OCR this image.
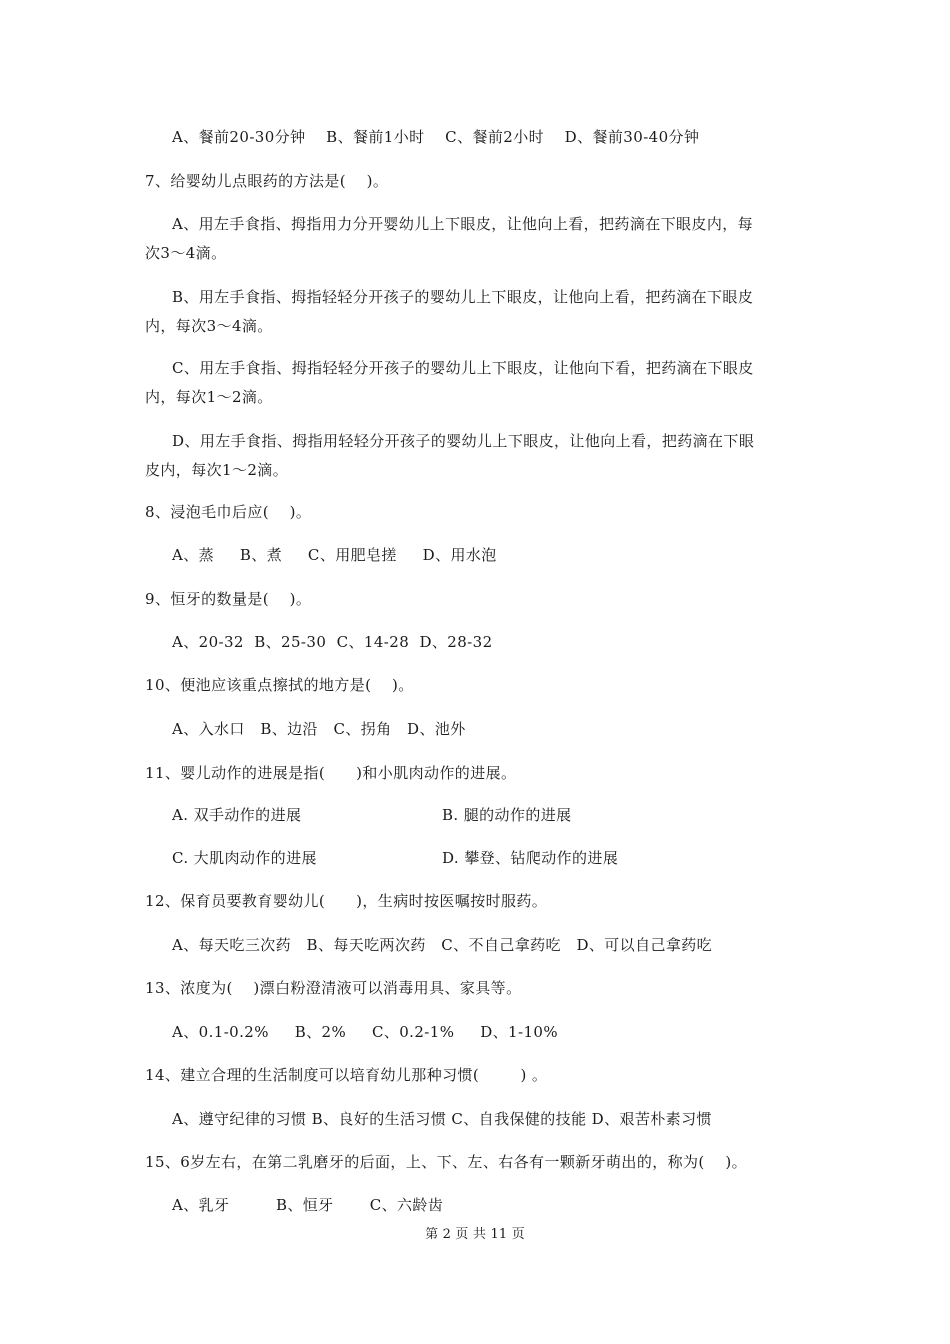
A、餐前20-30分钟    B、餐前1小时    C、餐前2小时    D、餐前30-40分钟
7、给婴幼儿点眼药的方法是(    )。
A、用左手食指、拇指用力分开婴幼儿上下眼皮，让他向上看，把药滴在下眼皮内，每
次3～4滴。
B、用左手食指、拇指轻轻分开孩子的婴幼儿上下眼皮，让他向上看，把药滴在下眼皮
内，每次3～4滴。
C、用左手食指、拇指轻轻分开孩子的婴幼儿上下眼皮，让他向下看，把药滴在下眼皮
内，每次1～2滴。
D、用左手食指、拇指用轻轻分开孩子的婴幼儿上下眼皮，让他向上看，把药滴在下眼
皮内，每次1～2滴。
8、浸泡毛巾后应(    )。
A、蒸     B、煮     C、用肥皂搓     D、用水泡
9、恒牙的数量是(    )。
A、20-32  B、25-30  C、14-28  D、28-32
10、便池应该重点擦拭的地方是(    )。
A、入水口   B、边沿   C、拐角   D、池外
11、婴儿动作的进展是指(      )和小肌肉动作的进展。
A. 双手动作的进展	B. 腿的动作的进展
C. 大肌肉动作的进展	D. 攀登、钻爬动作的进展
12、保育员要教育婴幼儿(      )，生病时按医嘱按时服药。
A、每天吃三次药   B、每天吃两次药   C、不自己拿药吃   D、可以自己拿药吃
13、浓度为(    )漂白粉澄清液可以消毒用具、家具等。
A、0.1-0.2%     B、2%     C、0.2-1%     D、1-10%
14、建立合理的生活制度可以培育幼儿那种习惯(        ) 。
A、遵守纪律的习惯 B、良好的生活习惯 C、自我保健的技能 D、艰苦朴素习惯
15、6岁左右，在第二乳磨牙的后面，上、下、左、右各有一颗新牙萌出的，称为(    )。
A、乳牙         B、恒牙       C、六龄齿
第 2 页 共 11 页
